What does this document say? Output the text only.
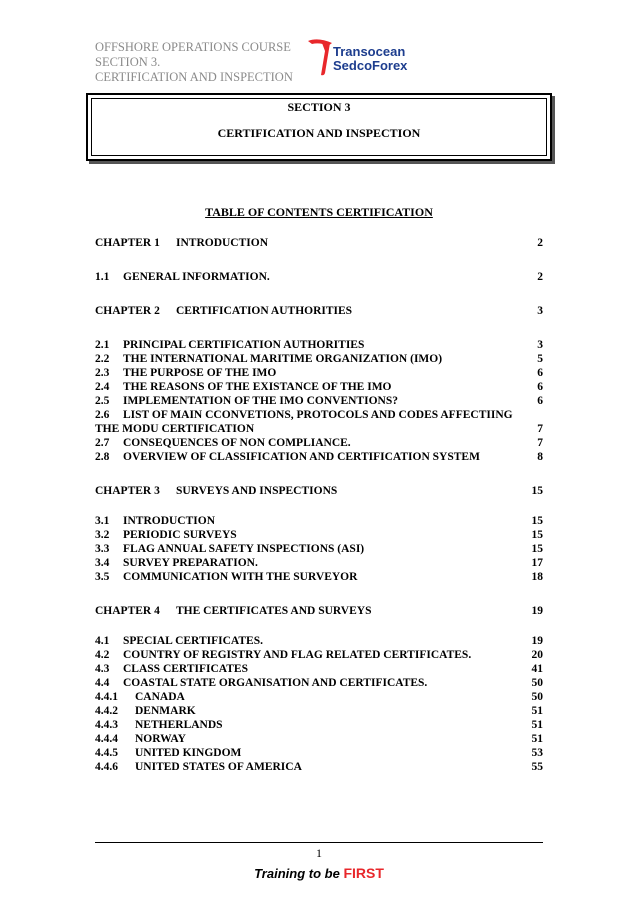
OFFSHORE OPERATIONS COURSE
SECTION 3.
CERTIFICATION AND INSPECTION
Transocean
SedcoForex
SECTION 3
CERTIFICATION AND INSPECTION
TABLE OF CONTENTS CERTIFICATION
CHAPTER 1 INTRODUCTION	2
1.1 GENERAL INFORMATION.	2
CHAPTER 2 CERTIFICATION AUTHORITIES	3
2.1 PRINCIPAL CERTIFICATION AUTHORITIES	3
2.2 THE INTERNATIONAL MARITIME ORGANIZATION (IMO)	5
2.3 THE PURPOSE OF THE IMO	6
2.4 THE REASONS OF THE EXISTANCE OF THE IMO	6
2.5 IMPLEMENTATION OF THE IMO CONVENTIONS?	6
2.6 LIST OF MAIN CCONVETIONS, PROTOCOLS AND CODES AFFECTIING
THE MODU CERTIFICATION	7
2.7 CONSEQUENCES OF NON COMPLIANCE.	7
2.8 OVERVIEW OF CLASSIFICATION AND CERTIFICATION SYSTEM	8
CHAPTER 3 SURVEYS AND INSPECTIONS	15
3.1 INTRODUCTION	15
3.2 PERIODIC SURVEYS	15
3.3 FLAG ANNUAL SAFETY INSPECTIONS (ASI)	15
3.4 SURVEY PREPARATION.	17
3.5 COMMUNICATION WITH THE SURVEYOR	18
CHAPTER 4 THE CERTIFICATES AND SURVEYS	19
4.1 SPECIAL CERTIFICATES.	19
4.2 COUNTRY OF REGISTRY AND FLAG RELATED CERTIFICATES.	20
4.3 CLASS CERTIFICATES	41
4.4 COASTAL STATE ORGANISATION AND CERTIFICATES.	50
4.4.1 CANADA	50
4.4.2 DENMARK	51
4.4.3 NETHERLANDS	51
4.4.4 NORWAY	51
4.4.5 UNITED KINGDOM	53
4.4.6 UNITED STATES OF AMERICA	55
1
Training to be FIRST
